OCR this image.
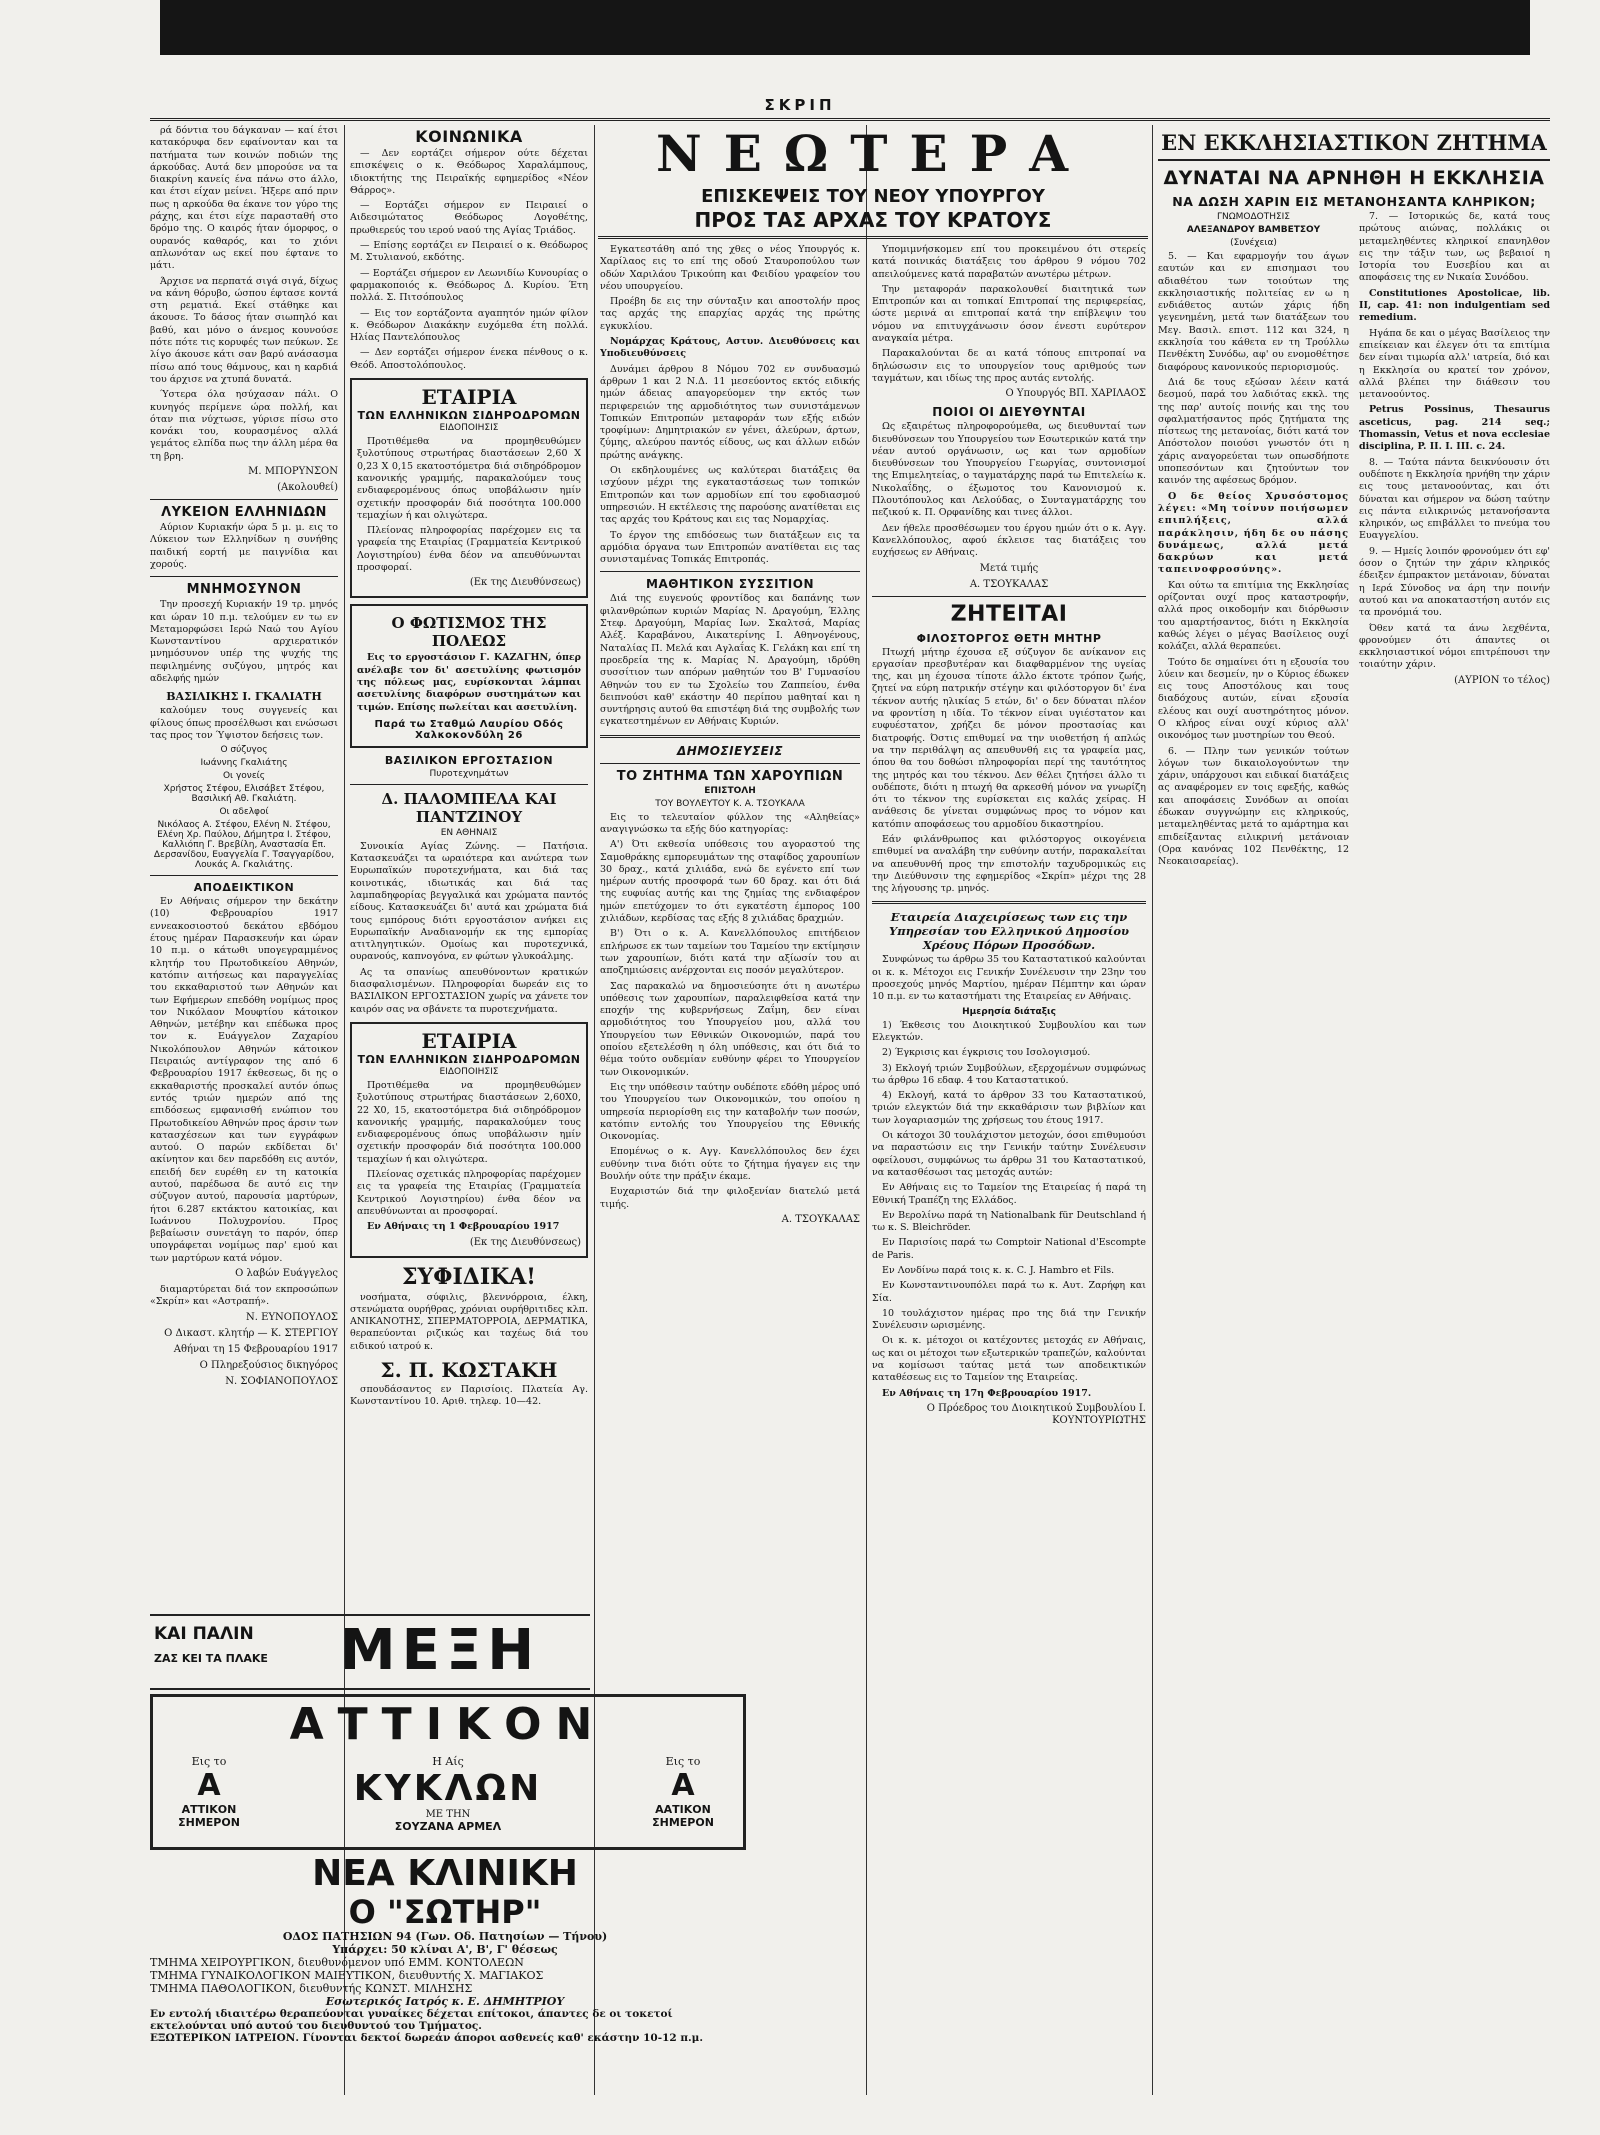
ΣΚΡΙΠ

ρά δόντια του δάγκαναν — καί έτσι κατακόρυφα δεν εφαίνονταν και τα πατήματα των κοινών ποδιών της άρκούδας. Αυτά δεν μπορούσε να τα διακρίνη κανείς ένα πάνω στο άλλο, και έτσι είχαν μείνει. Ήξερε από πριν πως η αρκούδα θα έκανε τον γύρο της ράχης, και έτσι είχε παρασταθή στο δρόμο της. Ο καιρός ήταν όμορφος, ο ουρανός καθαρός, και το χιόνι απλωνόταν ως εκεί που έφτανε το μάτι.

Άρχισε να περπατά σιγά σιγά, δίχως να κάνη θόρυβο, ώσπου έφτασε κοντά στη ρεματιά. Εκεί στάθηκε και άκουσε. Το δάσος ήταν σιωπηλό και βαθύ, και μόνο ο άνεμος κουνούσε πότε πότε τις κορυφές των πεύκων. Σε λίγο άκουσε κάτι σαν βαρύ ανάσασμα πίσω από τους θάμνους, και η καρδιά του άρχισε να χτυπά δυνατά.

Ύστερα όλα ησύχασαν πάλι. Ο κυνηγός περίμενε ώρα πολλή, και όταν πια νύχτωσε, γύρισε πίσω στο κονάκι του, κουρασμένος αλλά γεμάτος ελπίδα πως την άλλη μέρα θα τη βρη.

Μ. ΜΠΟΡΥΝΣΟΝ

(Ακολουθεί)

ΛΥΚΕΙΟΝ ΕΛΛΗΝΙΔΩΝ

Αύριον Κυριακήν ώρα 5 μ. μ. εις το Λύκειον των Ελληνίδων η συνήθης παιδική εορτή με παιγνίδια και χορούς.

ΜΝΗΜΟΣΥΝΟΝ

Την προσεχή Κυριακήν 19 τρ. μηνός και ώραν 10 π.μ. τελούμεν εν τω εν Μεταμορφώσει Ιερώ Ναώ του Αγίου Κωνσταντίνου αρχιερατικόν μνημόσυνον υπέρ της ψυχής της πεφιλημένης συζύγου, μητρός και αδελφής ημών

ΒΑΣΙΛΙΚΗΣ Ι. ΓΚΑΛΙΑΤΗ

καλούμεν τους συγγενείς και φίλους όπως προσέλθωσι και ενώσωσι τας προς τον Ύψιστον δεήσεις των.

Ο σύζυγος
Ιωάννης Γκαλιάτης
Οι γονείς
Χρήστος Στέφου, Ελισάβετ Στέφου, Βασιλική Αθ. Γκαλιάτη.
Οι αδελφοί
Νικόλαος Α. Στέφου, Ελένη Ν. Στέφου, Ελένη Χρ. Παύλου, Δήμητρα Ι. Στέφου, Καλλιόπη Γ. Βρεβίλη, Αναστασία Επ. Δερσανίδου, Ευαγγελία Γ. Τσαγγαρίδου, Λουκάς Α. Γκαλιάτης.
ΑΠΟΔΕΙΚΤΙΚΟΝ

Εν Αθήναις σήμερον την δεκάτην (10) Φεβρουαρίου 1917 εννεακοσιοστού δεκάτου εβδόμου έτους ημέραν Παρασκευήν και ώραν 10 π.μ. ο κάτωθι υπογεγραμμένος κλητήρ του Πρωτοδικείου Αθηνών, κατόπιν αιτήσεως και παραγγελίας του εκκαθαριστού των Αθηνών και των Εφήμερων επεδόθη νομίμως προς τον Νικόλαον Μουφτίου κάτοικον Αθηνών, μετέβην και επέδωκα προς τον κ. Ευάγγελον Ζαχαρίου Νικολόπουλον Αθηνών κάτοικον Πειραιώς αντίγραφον της από 6 Φεβρουαρίου 1917 έκθεσεως, δι ης ο εκκαθαριστής προσκαλεί αυτόν όπως εντός τριών ημερών από της επιδόσεως εμφανισθή ενώπιον του Πρωτοδικείου Αθηνών προς άρσιν των κατασχέσεων και των εγγράφων αυτού. Ο παρών εκδίδεται δι' ακίνητον και δεν παρεδόθη εις αυτόν, επειδή δεν ευρέθη εν τη κατοικία αυτού, παρέδωσα δε αυτό εις την σύζυγον αυτού, παρουσία μαρτύρων, ήτοι 6.287 εκτάκτου κατοικίας, και Ιωάννου Πολυχρονίου. Προς βεβαίωσιν συνετάγη το παρόν, όπερ υπογράφεται νομίμως παρ' εμού και των μαρτύρων κατά νόμον.

Ο λαβών Ευάγγελος

διαμαρτύρεται διά τον εκπροσώπων «Σκρίπ» και «Αστραπή».

Ν. ΕΥΝΟΠΟΥΛΟΣ

Ο Δικαστ. κλητήρ — Κ. ΣΤΕΡΓΙΟΥ

Αθήναι τη 15 Φεβρουαρίου 1917

Ο Πληρεξούσιος δικηγόρος

Ν. ΣΟΦΙΑΝΟΠΟΥΛΟΣ

ΚΟΙΝΩΝΙΚΑ

— Δεν εορτάζει σήμερον ούτε δέχεται επισκέψεις ο κ. Θεόδωρος Χαραλάμπους, ιδιοκτήτης της Πειραϊκής εφημερίδος «Νέον Θάρρος».

— Εορτάζει σήμερον εν Πειραιεί ο Αιδεσιμώτατος Θεόδωρος Λογοθέτης, πρωθιερεύς του ιερού ναού της Αγίας Τριάδος.

— Επίσης εορτάζει εν Πειραιεί ο κ. Θεόδωρος Μ. Στυλιανού, εκδότης.

— Εορτάζει σήμερον εν Λεωνιδίω Κυνουρίας ο φαρμακοποιός κ. Θεόδωρος Δ. Κυρίου. Έτη πολλά. Σ. Πιτσόπουλος

— Εις τον εορτάζοντα αγαπητόν ημών φίλον κ. Θεόδωρον Διακάκην ευχόμεθα έτη πολλά. Ηλίας Παντελόπουλος

— Δεν εορτάζει σήμερον ένεκα πένθους ο κ. Θεόδ. Αποστολόπουλος.

ΕΤΑΙΡΙΑ
ΤΩΝ ΕΛΛΗΝΙΚΩΝ ΣΙΔΗΡΟΔΡΟΜΩΝ
ΕΙΔΟΠΟΙΗΣΙΣ

Προτιθέμεθα να προμηθευθώμεν ξυλοτύπους στρωτήρας διαστάσεων 2,60 Χ 0,23 Χ 0,15 εκατοστόμετρα διά σιδηρόδρομον κανονικής γραμμής, παρακαλούμεν τους ενδιαφερομένους όπως υποβάλωσιν ημίν σχετικήν προσφοράν διά ποσότητα 100.000 τεμαχίων ή και ολιγώτερα.

Πλείονας πληροφορίας παρέχομεν εις τα γραφεία της Εταιρίας (Γραμματεία Κεντρικού Λογιστηρίου) ένθα δέον να απευθύνωνται προσφοραί.

(Εκ της Διευθύνσεως)

Ο ΦΩΤΙΣΜΟΣ ΤΗΣ ΠΟΛΕΩΣ

Εις το εργοστάσιον Γ. ΚΑΖΑΓΗΝ, όπερ ανέλαβε τον δι' ασετυλίνης φωτισμόν της πόλεως μας, ευρίσκονται λάμπαι ασετυλίνης διαφόρων συστημάτων και τιμών. Επίσης πωλείται και ασετυλίνη.

Παρά τω Σταθμώ Λαυρίου Οδός Χαλκοκονδύλη 26
ΒΑΣΙΛΙΚΟΝ ΕΡΓΟΣΤΑΣΙΟΝ
Πυροτεχνημάτων
Δ. ΠΑΛΟΜΠΕΛΑ ΚΑΙ ΠΑΝΤΖΙΝΟΥ
ΕΝ ΑΘΗΝΑΙΣ

Συνοικία Αγίας Ζώνης. — Πατήσια. Κατασκευάζει τα ωραιότερα και ανώτερα των Ευρωπαϊκών πυροτεχνήματα, και διά τας κοινοτικάς, ιδιωτικάς και διά τας λαμπαδηφορίας βεγγαλικά και χρώματα παντός είδους. Κατασκευάζει δι' αυτά και χρώματα διά τους εμπόρους διότι εργοστάσιον ανήκει εις Ευρωπαϊκήν Αναδιανομήν εκ της εμπορίας ατιτληγητικών. Ομοίως και πυροτεχνικά, ουρανούς, καπνογόνα, εν φώτων γλυκοάλμης.

Ας τα σπανίως απευθύνοντων κρατικών διασφαλισμένων. Πληροφορίαι δωρεάν εις το ΒΑΣΙΛΙΚΟΝ ΕΡΓΟΣΤΑΣΙΟΝ χωρίς να χάνετε τον καιρόν σας να σβάνετε τα πυροτεχνήματα.

ΕΤΑΙΡΙΑ
ΤΩΝ ΕΛΛΗΝΙΚΩΝ ΣΙΔΗΡΟΔΡΟΜΩΝ
ΕΙΔΟΠΟΙΗΣΙΣ

Προτιθέμεθα να προμηθευθώμεν ξυλοτύπους στρωτήρας διαστάσεων 2,60X0, 22 X0, 15, εκατοστόμετρα διά σιδηρόδρομον κανονικής γραμμής, παρακαλούμεν τους ενδιαφερομένους όπως υποβάλωσιν ημίν σχετικήν προσφοράν διά ποσότητα 100.000 τεμαχίων ή και ολιγώτερα.

Πλείονας σχετικάς πληροφορίας παρέχομεν εις τα γραφεία της Εταιρίας (Γραμματεία Κεντρικού Λογιστηρίου) ένθα δέον να απευθύνωνται αι προσφοραί.

Εν Αθήναις τη 1 Φεβρουαρίου 1917

(Εκ της Διευθύνσεως)

ΣΥΦΙΔΙΚΑ!

νοσήματα, σύφιλις, βλεννόρροια, έλκη, στενώματα ουρήθρας, χρόνιαι ουρήθριτιδες κλπ. ΑΝΙΚΑΝΟΤΗΣ, ΣΠΕΡΜΑΤΟΡΡΟΙΑ, ΔΕΡΜΑΤΙΚΑ, θεραπεύονται ριζικώς και ταχέως διά του ειδικού ιατρού κ.

Σ. Π. ΚΩΣΤΑΚΗ

σπουδάσαντος εν Παρισίοις. Πλατεία Αγ. Κωνσταντίνου 10. Αριθ. τηλεφ. 10—42.

ΚΑΙ ΠΑΛΙΝ
ΖΑΣ ΚΕΙ ΤΑ ΠΛΑΚΕ	ΜΕΞΗ
ΑΤΤΙΚΟΝ
Εις το
Α
ΑΤΤΙΚΟΝ
ΣΗΜΕΡΟΝ
Η Αίς
ΚΥΚΛΩΝ
ΜΕ ΤΗΝ
ΣΟΥΖΑΝΑ ΑΡΜΕΛ
Εις το
Α
ΑΑΤΙΚΟΝ
ΣΗΜΕΡΟΝ
ΝΕΑ ΚΛΙΝΙΚΗ
Ο "ΣΩΤΗΡ"
ΟΔΟΣ ΠΑΤΗΣΙΩΝ 94 (Γων. Οδ. Πατησίων — Τήνου)
Υπάρχει: 50 κλίναι Α', Β', Γ' θέσεως
ΤΜΗΜΑ ΧΕΙΡΟΥΡΓΙΚΟΝ, διευθυνόμενον υπό ΕΜΜ. ΚΟΝΤΟΛΕΩΝ
ΤΜΗΜΑ ΓΥΝΑΙΚΟΛΟΓΙΚΟΝ ΜΑΙΕΥΤΙΚΟΝ, διευθυντής Χ. ΜΑΓΙΑΚΟΣ
ΤΜΗΜΑ ΠΑΘΟΛΟΓΙΚΟΝ, διευθυντής ΚΩΝΣΤ. ΜΙΛΗΣΗΣ
Εσωτερικός Ιατρός κ. Ε. ΔΗΜΗΤΡΙΟΥ
Εν εντολή ιδιαιτέρω θεραπεύονται γυναίκες δέχεται επίτοκοι, άπαντες δε οι τοκετοί εκτελούνται υπό αυτού του διευθυντού του Τμήματος.
ΕΞΩΤΕΡΙΚΟΝ ΙΑΤΡΕΙΟΝ. Γίνονται δεκτοί δωρεάν άποροι ασθενείς καθ' εκάστην 10-12 π.μ.
ΝΕΩΤΕΡΑ
ΕΠΙΣΚΕΨΕΙΣ ΤΟΥ ΝΕΟΥ ΥΠΟΥΡΓΟΥ
ΠΡΟΣ ΤΑΣ ΑΡΧΑΣ ΤΟΥ ΚΡΑΤΟΥΣ

Εγκατεστάθη από της χθες ο νέος Υπουργός κ. Χαρίλαος εις το επί της οδού Σταυροπούλου των οδών Χαριλάου Τρικούπη και Φειδίου γραφείον του νέου υπουργείου.

Προέβη δε εις την σύνταξιν και αποστολήν προς τας αρχάς της επαρχίας αρχάς της πρώτης εγκυκλίου.

Νομάρχας Κράτους, Αστυν. Διευθύνσεις και Υποδιευθύνσεις

Δυνάμει άρθρου 8 Νόμου 702 εν συνδυασμώ άρθρων 1 και 2 Ν.Δ. 11 μεσεύοντος εκτός ειδικής ημών άδειας απαγορεύομεν την εκτός των περιφερειών της αρμοδιότητος των συνιστάμενων Τοπικών Επιτροπών μεταφοράν των εξής ειδών τροφίμων: Δημητριακών εν γένει, άλεύρων, άρτων, ζύμης, αλεύρου παντός είδους, ως και άλλων ειδών πρώτης ανάγκης.

Οι εκδηλουμένες ως καλύτεραι διατάξεις θα ισχύουν μέχρι της εγκαταστάσεως των τοπικών Επιτροπών και των αρμοδίων επί του εφοδιασμού υπηρεσιών. Η εκτέλεσις της παρούσης ανατίθεται εις τας αρχάς του Κράτους και εις τας Νομαρχίας.

Το έργον της επιδόσεως των διατάξεων εις τα αρμόδια όργανα των Επιτροπών ανατίθεται εις τας συνισταμένας Τοπικάς Επιτροπάς.

ΜΑΘΗΤΙΚΟΝ ΣΥΣΣΙΤΙΟΝ

Διά της ευγενούς φροντίδος και δαπάνης των φιλανθρώπων κυριών Μαρίας Ν. Δραγούμη, Έλλης Στεφ. Δραγούμη, Μαρίας Ιων. Σκαλτσά, Μαρίας Αλέξ. Καραβάνου, Αικατερίνης Ι. Αθηνογένους, Ναταλίας Π. Μελά και Αγλαΐας Κ. Γελάκη και επί τη προεδρεία της κ. Μαρίας Ν. Δραγούμη, ιδρύθη συσσίτιον των απόρων μαθητών του Β' Γυμνασίου Αθηνών του εν τω Σχολείω του Ζαππείου, ένθα δειπνούσι καθ' εκάστην 40 περίπου μαθηταί και η συντήρησις αυτού θα επιστέφη διά της συμβολής των εγκατεστημένων εν Αθήναις Κυριών.

ΔΗΜΟΣΙΕΥΣΕΙΣ
ΤΟ ΖΗΤΗΜΑ ΤΩΝ ΧΑΡΟΥΠΙΩΝ
ΕΠΙΣΤΟΛΗ
ΤΟΥ ΒΟΥΛΕΥΤΟΥ Κ. Α. ΤΣΟΥΚΑΛΑ

Εις το τελευταίον φύλλον της «Αληθείας» αναγιγνώσκω τα εξής δύο κατηγορίας:

Α') Ότι εκθεσία υπόθεσις του αγοραστού της Σαμοθράκης εμπορευμάτων της σταφίδος χαρουπίων 30 δραχ., κατά χιλιάδα, ενώ δε εγένετο επί των ημέρων αυτής προσφορά των 60 δραχ. και ότι διά της ευφυίας αυτής και της ζημίας της ενδιαφέρον ημών επετύχομεν το ότι εγκατέστη έμπορος 100 χιλιάδων, κερδίσας τας εξής 8 χιλιάδας δραχμών.

Β') Ότι ο κ. Α. Κανελλόπουλος επιτήδειον επλήρωσε εκ των ταμείων του Ταμείου την εκτίμησιν των χαρουπίων, διότι κατά την αξίωσίν του αι αποζημιώσεις ανέρχονται εις ποσόν μεγαλύτερον.

Σας παρακαλώ να δημοσιεύσητε ότι η ανωτέρω υπόθεσις των χαρουπίων, παραλειφθείσα κατά την εποχήν της κυβερνήσεως Ζαΐμη, δεν είναι αρμοδιότητος του Υπουργείου μου, αλλά του Υπουργείου των Εθνικών Οικονομιών, παρά του οποίου εξετελέσθη η όλη υπόθεσις, και ότι διά το θέμα τούτο ουδεμίαν ευθύνην φέρει το Υπουργείον των Οικονομικών.

Εις την υπόθεσιν ταύτην ουδέποτε εδόθη μέρος υπό του Υπουργείου των Οικονομικών, του οποίου η υπηρεσία περιορίσθη εις την καταβολήν των ποσών, κατόπιν εντολής του Υπουργείου της Εθνικής Οικονομίας.

Επομένως ο κ. Αγγ. Κανελλόπουλος δεν έχει ευθύνην τινα διότι ούτε το ζήτημα ήγαγεν εις την Βουλήν ούτε την πράξιν έκαμε.

Ευχαριστών διά την φιλοξενίαν διατελώ μετά τιμής.

Α. ΤΣΟΥΚΑΛΑΣ

Υπομιμνήσκομεν επί του προκειμένου ότι στερείς κατά ποινικάς διατάξεις του άρθρου 9 νόμου 702 απειλούμενες κατά παραβατών ανωτέρω μέτρων.

Την μεταφοράν παρακολουθεί διαιτητικά των Επιτροπών και αι τοπικαί Επιτροπαί της περιφερείας, ώστε μερινά αι επιτροπαί κατά την επίβλεψιν του νόμου να επιτυγχάνωσιν όσον ένεστι ευρύτερον αναγκαία μέτρα.

Παρακαλούνται δε αι κατά τόπους επιτροπαί να δηλώσωσιν εις το υπουργείον τους αριθμούς των ταγμάτων, και ιδίως της προς αυτάς εντολής.

Ο Υπουργός ΒΠ. ΧΑΡΙΛΑΟΣ

ΠΟΙΟΙ ΟΙ ΔΙΕΥΘΥΝΤΑΙ

Ως εξαιρέτως πληροφορούμεθα, ως διευθυνταί των διευθύνσεων του Υπουργείου των Εσωτερικών κατά την νέαν αυτού οργάνωσιν, ως και των αρμοδίων διευθύνσεων του Υπουργείου Γεωργίας, συντονισμοί της Επιμελητείας, ο ταγματάρχης παρά τω Επιτελείω κ. Νικολαΐδης, ο έξωμοτος του Κανονισμού κ. Πλουτόπουλος και Λελούδας, ο Συνταγματάρχης του πεζικού κ. Π. Ορφανίδης και τινες άλλοι.

Δεν ήθελε προσθέσωμεν του έργου ημών ότι ο κ. Αγγ. Κανελλόπουλος, αφού έκλεισε τας διατάξεις του ευχήσεως εν Αθήναις.

Μετά τιμής

Α. ΤΣΟΥΚΑΛΑΣ

ΖΗΤΕΙΤΑΙ
ΦΙΛΟΣΤΟΡΓΟΣ ΘΕΤΗ ΜΗΤΗΡ

Πτωχή μήτηρ έχουσα εξ σύζυγον δε ανίκανον εις εργασίαν πρεσβυτέραν και διαφθαρμένον της υγείας της, και μη έχουσα τίποτε άλλο έκτοτε τρόπον ζωής, ζητεί να εύρη πατρικήν στέγην και φιλόστοργον δι' ένα τέκνον αυτής ηλικίας 5 ετών, δι' ο δεν δύναται πλέον να φροντίση η ιδία. Το τέκνον είναι υγιέστατον και ευφυέστατον, χρήζει δε μόνον προστασίας και διατροφής. Όστις επιθυμεί να την υιοθετήση ή απλώς να την περιθάλψη ας απευθυνθή εις τα γραφεία μας, όπου θα του δοθώσι πληροφορίαι περί της ταυτότητος της μητρός και του τέκνου. Δεν θέλει ζητήσει άλλο τι ουδέποτε, διότι η πτωχή θα αρκεσθή μόνον να γνωρίζη ότι το τέκνον της ευρίσκεται εις καλάς χείρας. Η ανάθεσις δε γίνεται συμφώνως προς το νόμον και κατόπιν αποφάσεως του αρμοδίου δικαστηρίου.

Εάν φιλάνθρωπος και φιλόστοργος οικογένεια επιθυμεί να αναλάβη την ευθύνην αυτήν, παρακαλείται να απευθυνθή προς την επιστολήν ταχυδρομικώς εις την Διεύθυνσιν της εφημερίδος «Σκρίπ» μέχρι της 28 της λήγουσης τρ. μηνός.

Εταιρεία Διαχειρίσεως των εις την Υπηρεσίαν του Ελληνικού Δημοσίου Χρέους Πόρων Προσόδων.

Συνφώνως τω άρθρω 35 του Καταστατικού καλούνται οι κ. κ. Μέτοχοι εις Γενικήν Συνέλευσιν την 23ην του προσεχούς μηνός Μαρτίου, ημέραν Πέμπτην και ώραν 10 π.μ. εν τω καταστήματι της Εταιρείας εν Αθήναις.

Ημερησία διάταξις

1) Έκθεσις του Διοικητικού Συμβουλίου και των Ελεγκτών.

2) Έγκρισις και έγκρισις του Ισολογισμού.

3) Εκλογή τριών Συμβούλων, εξερχομένων συμφώνως τω άρθρω 16 εδαφ. 4 του Καταστατικού.

4) Εκλογή, κατά το άρθρον 33 του Καταστατικού, τριών ελεγκτών διά την εκκαθάρισιν των βιβλίων και των λογαριασμών της χρήσεως του έτους 1917.

Οι κάτοχοι 30 τουλάχιστον μετοχών, όσοι επιθυμούσι να παραστώσιν εις την Γενικήν ταύτην Συνέλευσιν οφείλουσι, συμφώνως τω άρθρω 31 του Καταστατικού, να κατασθέσωσι τας μετοχάς αυτών:

Εν Αθήναις εις το Ταμείον της Εταιρείας ή παρά τη Εθνική Τραπέζη της Ελλάδος.

Εν Βερολίνω παρά τη Nationalbank für Deutschland ή τω κ. S. Bleichröder.

Εν Παρισίοις παρά τω Comptoir National d'Escompte de Paris.

Εν Λονδίνω παρά τοις κ. κ. C. J. Hambro et Fils.

Εν Κωνσταντινουπόλει παρά τω κ. Αυτ. Ζαρήφη και Σία.

10 τουλάχιστον ημέρας προ της διά την Γενικήν Συνέλευσιν ωρισμένης.

Οι κ. κ. μέτοχοι οι κατέχοντες μετοχάς εν Αθήναις, ως και οι μέτοχοι των εξωτερικών τραπεζών, καλούνται να κομίσωσι ταύτας μετά των αποδεικτικών καταθέσεως εις το Ταμείον της Εταιρείας.

Εν Αθήναις τη 17η Φεβρουαρίου 1917.

Ο Πρόεδρος του Διοικητικού Συμβουλίου Ι. ΚΟΥΝΤΟΥΡΙΩΤΗΣ

ΕΝ ΕΚΚΛΗΣΙΑΣΤΙΚΟΝ ΖΗΤΗΜΑ
ΔΥΝΑΤΑΙ ΝΑ ΑΡΝΗΘΗ Η ΕΚΚΛΗΣΙΑ
ΝΑ ΔΩΣΗ ΧΑΡΙΝ ΕΙΣ ΜΕΤΑΝΟΗΣΑΝΤΑ ΚΛΗΡΙΚΟΝ;
ΓΝΩΜΟΔΟΤΗΣΙΣ
ΑΛΕΞΑΝΔΡΟΥ ΒΑΜΒΕΤΣΟΥ
(Συνέχεια)

5. — Και εφαρμογήν του άγων εαυτών και εν επισημασι του αδιαθέτου των τοιούτων της εκκλησιαστικής πολιτείας εν ω η ενδιάθετος αυτών χάρις ήδη γεγενημένη, μετά των διατάξεων του Μεγ. Βασιλ. επιστ. 112 και 324, η εκκλησία του κάθετα εν τη Τρούλλω Πενθέκτη Συνόδω, αφ' ου ενομοθέτησε διαφόρους κανονικούς περιορισμούς.

Διά δε τους εξώσαν λέειν κατά δεσμού, παρά του λαδιότας εκκλ. της της παρ' αυτοίς ποινής και της του σφαλματήσαντος πρός ζητήματα της πίστεως της μετανοίας, διότι κατά τον Απόστολον ποιούσι γνωστόν ότι η χάρις αναγορεύεται των οπωσδήποτε υποπεσόντων και ζητούντων τον καινόν της αφέσεως δρόμον.

Ο δε θείος Χρυσόστομος λέγει: «Μη τοίνυν ποιήσωμεν επιπλήξεις, αλλά παράκλησιν, ήδη δε ου πάσης δυνάμεως, αλλά μετά δακρύων και μετά ταπεινοφροσύνης».

Και ούτω τα επιτίμια της Εκκλησίας ορίζονται ουχί προς καταστροφήν, αλλά προς οικοδομήν και διόρθωσιν του αμαρτήσαντος, διότι η Εκκλησία καθώς λέγει ο μέγας Βασίλειος ουχί κολάζει, αλλά θεραπεύει.

Τούτο δε σημαίνει ότι η εξουσία του λύειν και δεσμείν, ην ο Κύριος έδωκεν εις τους Αποστόλους και τους διαδόχους αυτών, είναι εξουσία ελέους και ουχί αυστηρότητος μόνον. Ο κλήρος είναι ουχί κύριος αλλ' οικονόμος των μυστηρίων του Θεού.

6. — Πλην των γενικών τούτων λόγων των δικαιολογούντων την χάριν, υπάρχουσι και ειδικαί διατάξεις ας αναφέρομεν εν τοις εφεξής, καθώς και αποφάσεις Συνόδων αι οποίαι έδωκαν συγγνώμην εις κληρικούς, μεταμεληθέντας μετά το αμάρτημα και επιδείξαντας ειλικρινή μετάνοιαν (Ορα κανόνας 102 Πενθέκτης, 12 Νεοκαισαρείας).

7. — Ιστορικώς δε, κατά τους πρώτους αιώνας, πολλάκις οι μεταμεληθέντες κληρικοί επανηλθον εις την τάξιν των, ως βεβαιοί η Ιστορία του Ευσεβίου και αι αποφάσεις της εν Νικαία Συνόδου.

Constitutiones Apostolicae, lib. II, cap. 41: non indulgentiam sed remedium.

Ηγάπα δε και ο μέγας Βασίλειος την επιείκειαν και έλεγεν ότι τα επιτίμια δεν είναι τιμωρία αλλ' ιατρεία, διό και η Εκκλησία ου κρατεί τον χρόνον, αλλά βλέπει την διάθεσιν του μετανοούντος.

Petrus Possinus, Thesaurus asceticus, pag. 214 seq.; Thomassin, Vetus et nova ecclesiae disciplina, P. II. I. III. c. 24.

8. — Ταύτα πάντα δεικνύουσιν ότι ουδέποτε η Εκκλησία ηρνήθη την χάριν εις τους μετανοούντας, και ότι δύναται και σήμερον να δώση ταύτην εις πάντα ειλικρινώς μετανοήσαντα κληρικόν, ως επιβάλλει το πνεύμα του Ευαγγελίου.

9. — Ημείς λοιπόν φρονούμεν ότι εφ' όσον ο ζητών την χάριν κληρικός έδειξεν έμπρακτον μετάνοιαν, δύναται η Ιερά Σύνοδος να άρη την ποινήν αυτού και να αποκαταστήση αυτόν εις τα προνόμιά του.

Όθεν κατά τα άνω λεχθέντα, φρονούμεν ότι άπαντες οι εκκλησιαστικοί νόμοι επιτρέπουσι την τοιαύτην χάριν.

(ΑΥΡΙΟΝ το τέλος)
